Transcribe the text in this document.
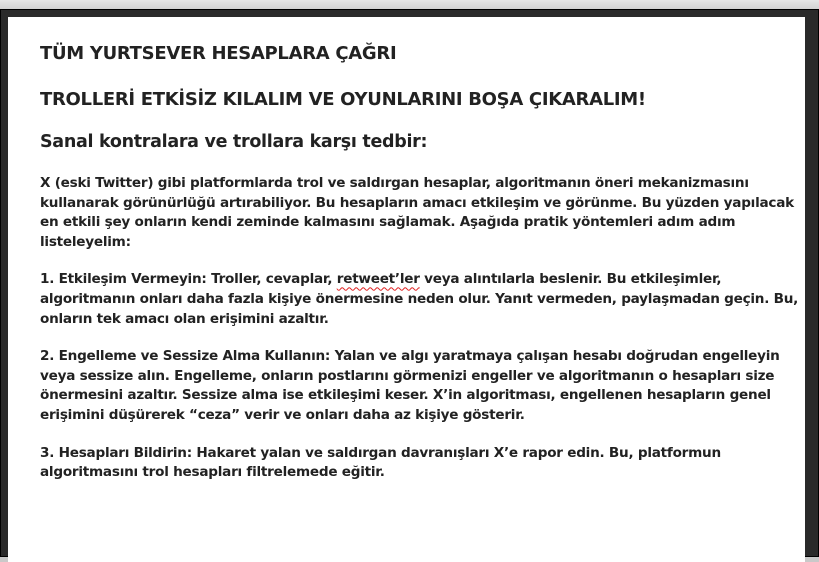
TÜM YURTSEVER HESAPLARA ÇAĞRI
TROLLERİ ETKİSİZ KILALIM VE OYUNLARINI BOŞA ÇIKARALIM!
Sanal kontralara ve trollara karşı tedbir:

X (eski Twitter) gibi platformlarda trol ve saldırgan hesaplar, algoritmanın öneri mekanizmasını kullanarak görünürlüğü artırabiliyor. Bu hesapların amacı etkileşim ve görünme. Bu yüzden yapılacak en etkili şey onların kendi zeminde kalmasını sağlamak. Aşağıda pratik yöntemleri adım adım listeleyelim:

1. Etkileşim Vermeyin: Troller, cevaplar, retweet’ler veya alıntılarla beslenir. Bu etkileşimler, algoritmanın onları daha fazla kişiye önermesine neden olur. Yanıt vermeden, paylaşmadan geçin. Bu, onların tek amacı olan erişimini azaltır.

2. Engelleme ve Sessize Alma Kullanın: Yalan ve algı yaratmaya çalışan hesabı doğrudan engelleyin veya sessize alın. Engelleme, onların postlarını görmenizi engeller ve algoritmanın o hesapları size önermesini azaltır. Sessize alma ise etkileşimi keser. X’in algoritması, engellenen hesapların genel erişimini düşürerek “ceza” verir ve onları daha az kişiye gösterir.

3. Hesapları Bildirin: Hakaret yalan ve saldırgan davranışları X’e rapor edin. Bu, platformun algoritmasını trol hesapları filtrelemede eğitir.
